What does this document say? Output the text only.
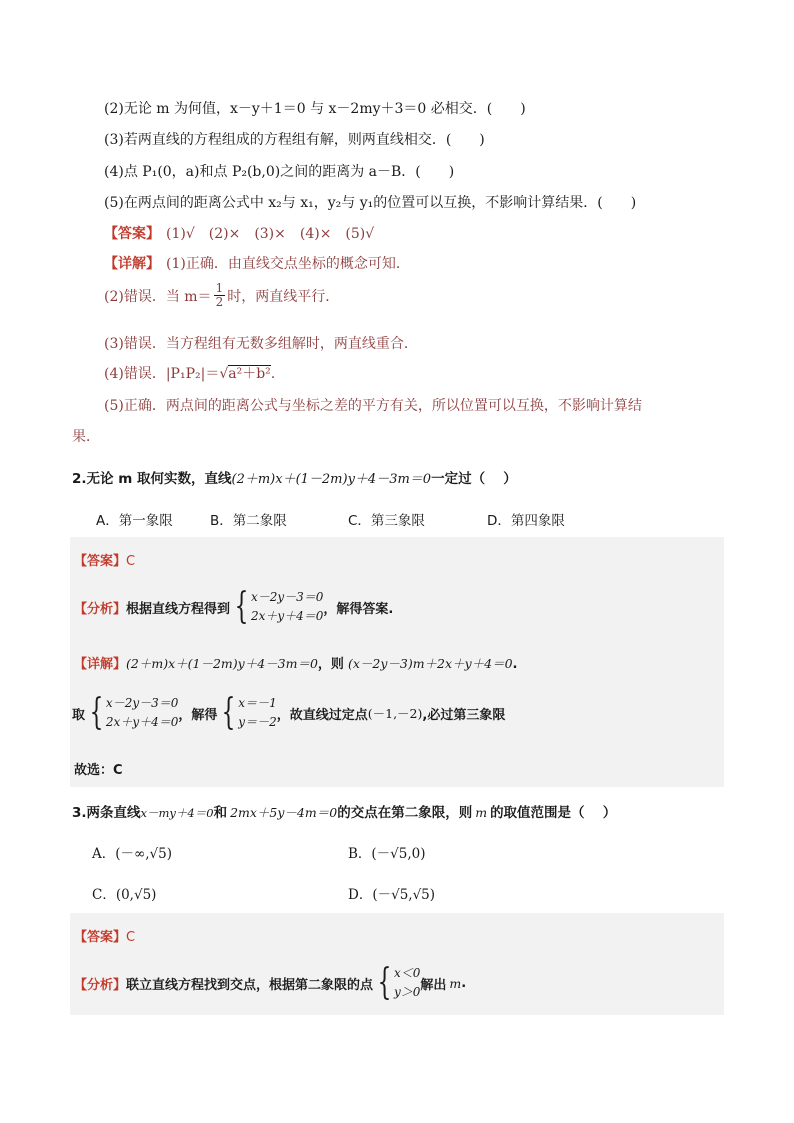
(2)无论 m 为何值，x－y＋1＝0 与 x－2my＋3＝0 必相交．(　　)
(3)若两直线的方程组成的方程组有解，则两直线相交．(　　)
(4)点 P₁(0，a)和点 P₂(b,0)之间的距离为 a－B．(　　)
(5)在两点间的距离公式中 x₂与 x₁，y₂与 y₁的位置可以互换，不影响计算结果．(　　)
【答案】 (1)√　(2)×　(3)×　(4)×　(5)√
【详解】 (1)正确．由直线交点坐标的概念可知．
(2)错误．当 $m= \frac{1}{2}$ 时，两直线平行．
(3)错误．当方程组有无数多组解时，两直线重合．
(4)错误．|P₁P₂|＝√a²＋b².
(5)正确．两点间的距离公式与坐标之差的平方有关，所以位置可以互换，不影响计算结
果．
2.无论 m 取何实数，直线(2＋m)x＋(1－2m)y＋4－3m＝0一定过（　 ）
A．第一象限	B．第二象限	C．第三象限	D．第四象限
【答案】C
【分析】 根据直线方程得到 { x－2y－3＝0
2x＋y＋4＝0 ，解得答案.
【详解】(2＋m)x＋(1－2m)y＋4－3m＝0，则 (x－2y－3)m＋2x＋y＋4＝0.
取 { x－2y－3＝0
2x＋y＋4＝0 ，解得 { x＝－1
y＝－2 ，故直线过定点 (－1,－2) ,必过第三象限
故选：C
3.两条直线x－my＋4＝0和 2mx＋5y－4m＝0的交点在第二象限，则 m 的取值范围是（　 ）
A．(－∞,√5)	B．(－√5,0)
C．(0,√5)	D．(－√5,√5)
【答案】C
【分析】 联立直线方程找到交点，根据第二象限的点 { x＜0
y＞0 解出 m .
